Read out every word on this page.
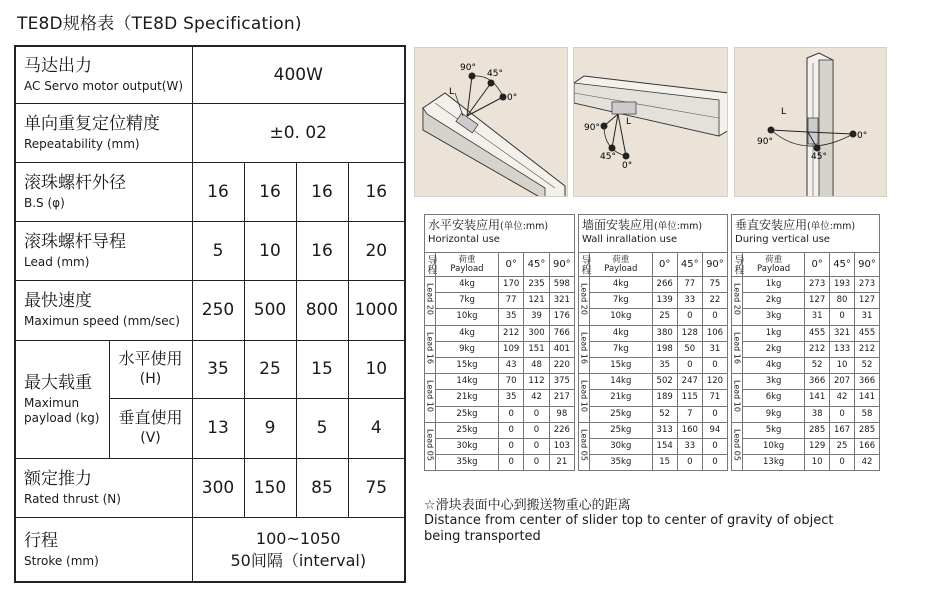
TE8D规格表（TE8D Specification)
马达出力
AC Servo motor output(W)		400W			

单向重复定位精度
Repeatability (mm)		±0. 02			

滚珠螺杆外径
B.S (φ)		16	16	16	16

滚珠螺杆导程
Lead (mm)		5	10	16	20

最快速度
Maximun speed (mm/sec)		250	500	800	1000

最大载重
Maximun payload (kg)	水平使用
(H)	35	25	15	10
	垂直使用
(V)	13	9	5	4

额定推力
Rated thrust (N)		300	150	85	75

行程
Stroke (mm)		100~1050
50间隔（interval)			
90°
45°
0°
L
90°
45°
0°
L
90°
45°
0°
L
水平安装应用(单位:mm)
Horizontal use				

导程	荷重
Payload	0°	45°	90°
Lead 20	4kg	170	235	598
	7kg	77	121	321
	10kg	35	39	176
Lead 16	4kg	212	300	766
	9kg	109	151	401
	15kg	43	48	220
Lead 10	14kg	70	112	375
	21kg	35	42	217
	25kg	0	0	98
Lead 05	25kg	0	0	226
	30kg	0	0	103
	35kg	0	0	21
墙面安装应用(单位:mm)
Wall inrallation use				

导程	荷重
Payload	0°	45°	90°
Lead 20	4kg	266	77	75
	7kg	139	33	22
	10kg	25	0	0
Lead 16	4kg	380	128	106
	7kg	198	50	31
	15kg	35	0	0
Lead 10	14kg	502	247	120
	21kg	189	115	71
	25kg	52	7	0
Lead 05	25kg	313	160	94
	30kg	154	33	0
	35kg	15	0	0
垂直安装应用(单位:mm)
During vertical use				

导程	荷重
Payload	0°	45°	90°
Lead 20	1kg	273	193	273
	2kg	127	80	127
	3kg	31	0	31
Lead 16	1kg	455	321	455
	2kg	212	133	212
	4kg	52	10	52
Lead 10	3kg	366	207	366
	6kg	141	42	141
	9kg	38	0	58
Lead 05	5kg	285	167	285
	10kg	129	25	166
	13kg	10	0	42
☆滑块表面中心到搬送物重心的距离
Distance from center of slider top to center of gravity of object being transported
